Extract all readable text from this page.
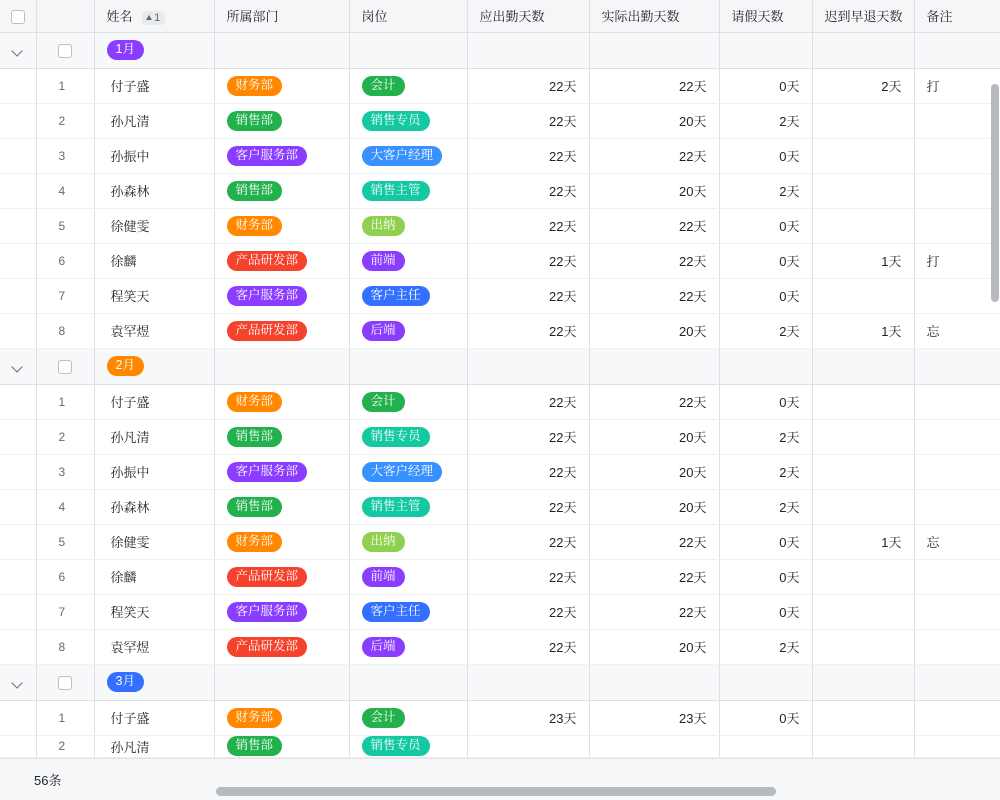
		姓名 1	所属部门	岗位	应出勤天数	实际出勤天数	请假天数	迟到早退天数	备注
		1月							
	1	付子盛	财务部	会计	22天	22天	0天	2天	打
	2	孙凡清	销售部	销售专员	22天	20天	2天		
	3	孙振中	客户服务部	大客户经理	22天	22天	0天		
	4	孙森林	销售部	销售主管	22天	20天	2天		
	5	徐健雯	财务部	出纳	22天	22天	0天		
	6	徐麟	产品研发部	前端	22天	22天	0天	1天	打
	7	程笑天	客户服务部	客户主任	22天	22天	0天		
	8	袁罕煜	产品研发部	后端	22天	20天	2天	1天	忘
		2月							
	1	付子盛	财务部	会计	22天	22天	0天		
	2	孙凡清	销售部	销售专员	22天	20天	2天		
	3	孙振中	客户服务部	大客户经理	22天	20天	2天		
	4	孙森林	销售部	销售主管	22天	20天	2天		
	5	徐健雯	财务部	出纳	22天	22天	0天	1天	忘
	6	徐麟	产品研发部	前端	22天	22天	0天		
	7	程笑天	客户服务部	客户主任	22天	22天	0天		
	8	袁罕煜	产品研发部	后端	22天	20天	2天		
		3月							
	1	付子盛	财务部	会计	23天	23天	0天		
	2	孙凡清	销售部	销售专员					
56条
